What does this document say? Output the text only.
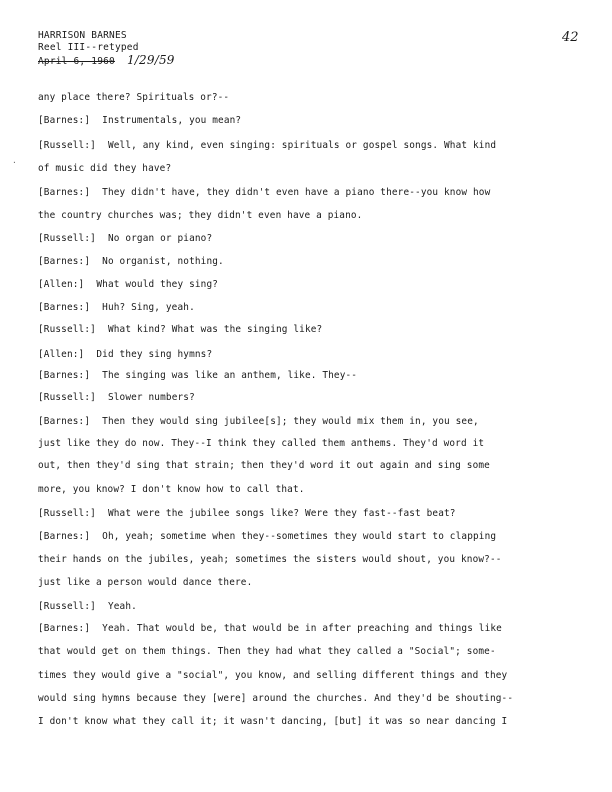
HARRISON BARNES
Reel III--retyped
April 6, 1960 1/29/59
42
·
any place there? Spirituals or?--
[Barnes:] Instrumentals, you mean?
[Russell:] Well, any kind, even singing: spirituals or gospel songs. What kind
of music did they have?
[Barnes:] They didn't have, they didn't even have a piano there--you know how
the country churches was; they didn't even have a piano.
[Russell:] No organ or piano?
[Barnes:] No organist, nothing.
[Allen:] What would they sing?
[Barnes:] Huh? Sing, yeah.
[Russell:] What kind? What was the singing like?
[Allen:] Did they sing hymns?
[Barnes:] The singing was like an anthem, like. They--
[Russell:] Slower numbers?
[Barnes:] Then they would sing jubilee[s]; they would mix them in, you see,
just like they do now. They--I think they called them anthems. They'd word it
out, then they'd sing that strain; then they'd word it out again and sing some
more, you know? I don't know how to call that.
[Russell:] What were the jubilee songs like? Were they fast--fast beat?
[Barnes:] Oh, yeah; sometime when they--sometimes they would start to clapping
their hands on the jubiles, yeah; sometimes the sisters would shout, you know?--
just like a person would dance there.
[Russell:] Yeah.
[Barnes:] Yeah. That would be, that would be in after preaching and things like
that would get on them things. Then they had what they called a "Social"; some-
times they would give a "social", you know, and selling different things and they
would sing hymns because they [were] around the churches. And they'd be shouting--
I don't know what they call it; it wasn't dancing, [but] it was so near dancing I
